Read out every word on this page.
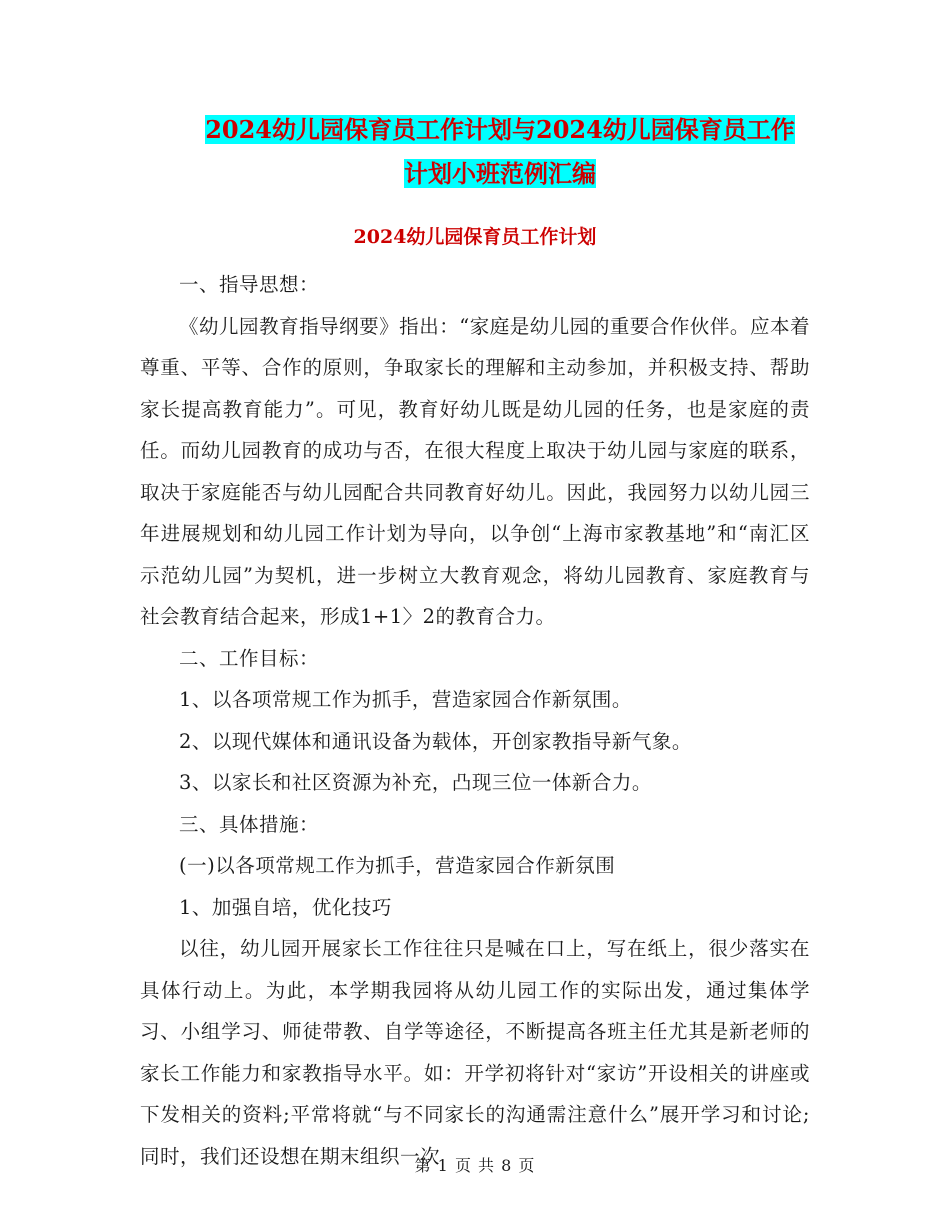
2024幼儿园保育员工作计划与2024幼儿园保育员工作
计划小班范例汇编
2024幼儿园保育员工作计划

一、指导思想：

《幼儿园教育指导纲要》指出：“家庭是幼儿园的重要合作伙伴。应本着尊重、平等、合作的原则，争取家长的理解和主动参加，并积极支持、帮助家长提高教育能力”。可见，教育好幼儿既是幼儿园的任务，也是家庭的责任。而幼儿园教育的成功与否，在很大程度上取决于幼儿园与家庭的联系，取决于家庭能否与幼儿园配合共同教育好幼儿。因此，我园努力以幼儿园三年进展规划和幼儿园工作计划为导向，以争创“上海市家教基地”和“南汇区示范幼儿园”为契机，进一步树立大教育观念，将幼儿园教育、家庭教育与社会教育结合起来，形成1+1〉2的教育合力。

二、工作目标：

1、以各项常规工作为抓手，营造家园合作新氛围。

2、以现代媒体和通讯设备为载体，开创家教指导新气象。

3、以家长和社区资源为补充，凸现三位一体新合力。

三、具体措施：

(一)以各项常规工作为抓手，营造家园合作新氛围

1、加强自培，优化技巧

以往，幼儿园开展家长工作往往只是喊在口上，写在纸上，很少落实在具体行动上。为此，本学期我园将从幼儿园工作的实际出发，通过集体学习、小组学习、师徒带教、自学等途径，不断提高各班主任尤其是新老师的家长工作能力和家教指导水平。如：开学初将针对“家访”开设相关的讲座或下发相关的资料;平常将就“与不同家长的沟通需注意什么”展开学习和讨论;同时，我们还设想在期末组织一次

第 1 页 共 8 页
